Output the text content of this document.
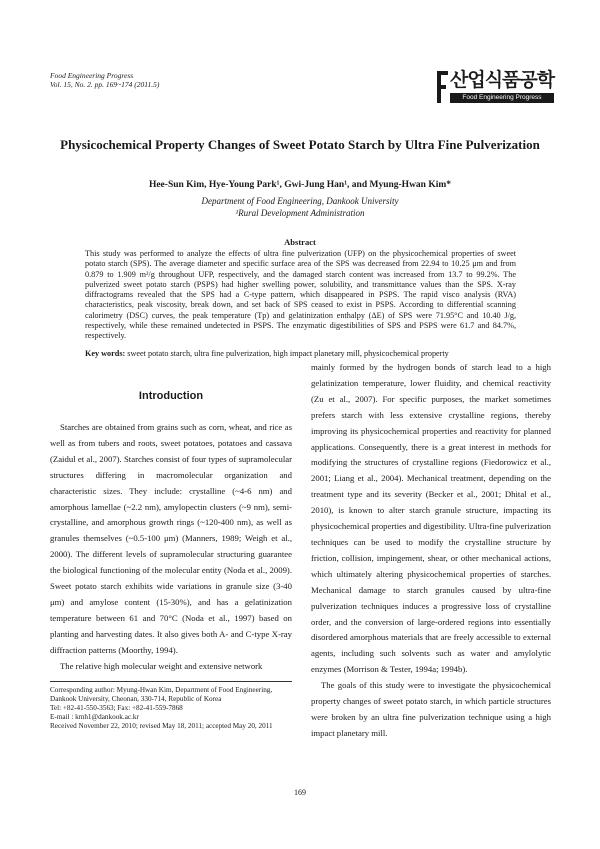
Food Engineering Progress
Vol. 15, No. 2. pp. 169~174 (2011.5)	산업식품공학
Food Engineering Progress
Physicochemical Property Changes of Sweet Potato Starch by Ultra Fine Pulverization
Hee-Sun Kim, Hye-Young Park¹, Gwi-Jung Han¹, and Myung-Hwan Kim*
Department of Food Engineering, Dankook University
¹Rural Development Administration
Abstract

This study was performed to analyze the effects of ultra fine pulverization (UFP) on the physicochemical properties of sweet potato starch (SPS). The average diameter and specific surface area of the SPS was decreased from 22.94 to 10.25 μm and from 0.879 to 1.909 m²/g throughout UFP, respectively, and the damaged starch content was increased from 13.7 to 99.2%. The pulverized sweet potato starch (PSPS) had higher swelling power, solubility, and transmittance values than the SPS. X-ray diffractograms revealed that the SPS had a C-type pattern, which disappeared in PSPS. The rapid visco analysis (RVA) characteristics, peak viscosity, break down, and set back of SPS ceased to exist in PSPS. According to differential scanning calorimetry (DSC) curves, the peak temperature (Tp) and gelatinization enthalpy (ΔE) of SPS were 71.95°C and 10.40 J/g, respectively, while these remained undetected in PSPS. The enzymatic digestibilities of SPS and PSPS were 61.7 and 84.7%, respectively.

Key words: sweet potato starch, ultra fine pulverization, high impact planetary mill, physicochemical property
Introduction

Starches are obtained from grains such as corn, wheat, and rice as well as from tubers and roots, sweet potatoes, potatoes and cassava (Zaidul et al., 2007). Starches consist of four types of supramolecular structures differing in macromolecular organization and characteristic sizes. They include: crystalline (~4-6 nm) and amorphous lamellae (~2.2 nm), amylopectin clusters (~9 nm), semi-crystalline, and amorphous growth rings (~120-400 nm), as well as granules themselves (~0.5-100 μm) (Manners, 1989; Weigh et al., 2000). The different levels of supramolecular structuring guarantee the biological functioning of the molecular entity (Noda et al., 2009). Sweet potato starch exhibits wide variations in granule size (3-40 μm) and amylose content (15-30%), and has a gelatinization temperature between 61 and 70°C (Noda et al., 1997) based on planting and harvesting dates. It also gives both A- and C-type X-ray diffraction patterns (Moorthy, 1994).

The relative high molecular weight and extensive network

mainly formed by the hydrogen bonds of starch lead to a high gelatinization temperature, lower fluidity, and chemical reactivity (Zu et al., 2007). For specific purposes, the market sometimes prefers starch with less extensive crystalline regions, thereby improving its physicochemical properties and reactivity for planned applications. Consequently, there is a great interest in methods for modifying the structures of crystalline regions (Fiedorowicz et al., 2001; Liang et al., 2004). Mechanical treatment, depending on the treatment type and its severity (Becker et al., 2001; Dhital et al., 2010), is known to alter starch granule structure, impacting its physicochemical properties and digestibility. Ultra-fine pulverization techniques can be used to modify the crystalline structure by friction, collision, impingement, shear, or other mechanical actions, which ultimately altering physicochemical properties of starches. Mechanical damage to starch granules caused by ultra-fine pulverization techniques induces a progressive loss of crystalline order, and the conversion of large-ordered regions into essentially disordered amorphous materials that are freely accessible to external agents, including such solvents such as water and amylolytic enzymes (Morrison & Tester, 1994a; 1994b).

The goals of this study were to investigate the physicochemical property changes of sweet potato starch, in which particle structures were broken by an ultra fine pulverization technique using a high impact planetary mill.

Corresponding author: Myung-Hwan Kim, Department of Food Engineering, Dankook University, Cheonan, 330-714, Republic of Korea
Tel: +82-41-550-3563; Fax: +82-41-559-7868
E-mail : kmh1@dankook.ac.kr
Received November 22, 2010; revised May 18, 2011; accepted May 20, 2011
169
